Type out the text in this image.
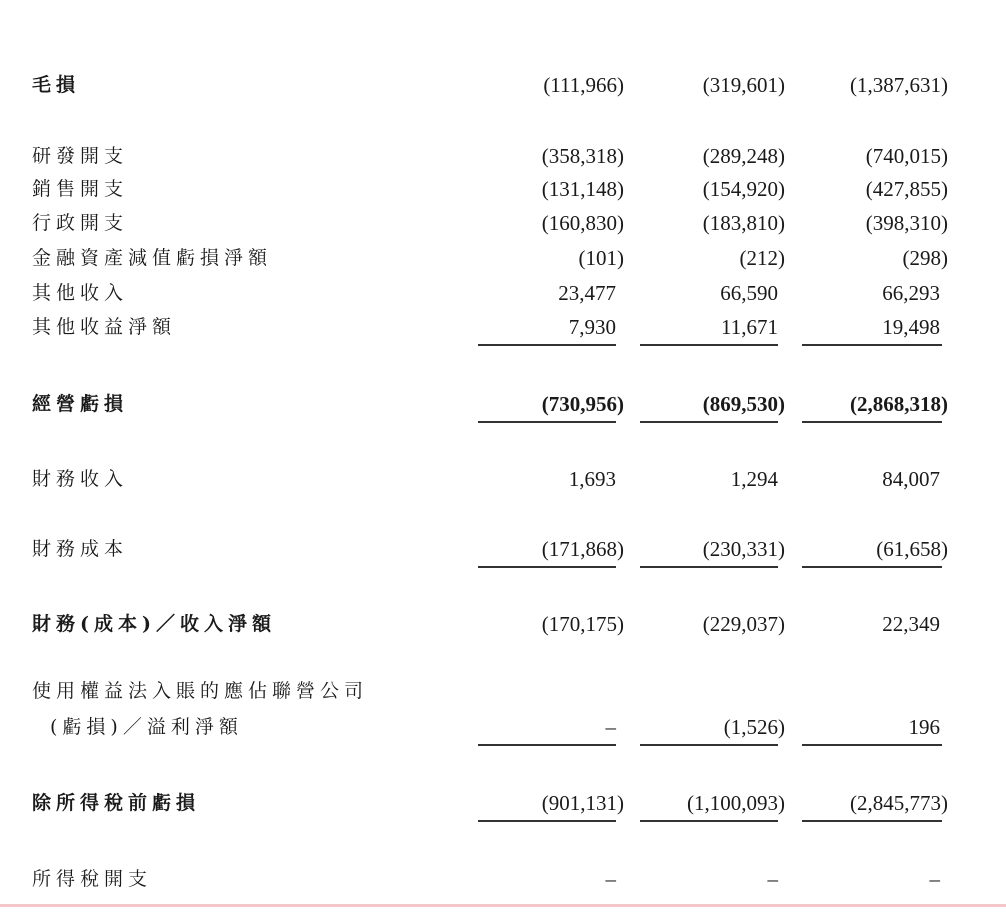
毛損	(111,966)	(319,601)	(1,387,631)
研發開支	(358,318)	(289,248)	(740,015)
銷售開支	(131,148)	(154,920)	(427,855)
行政開支	(160,830)	(183,810)	(398,310)
金融資產減值虧損淨額	(101)	(212)	(298)
其他收入	23,477	66,590	66,293
其他收益淨額	7,930	11,671	19,498
經營虧損	(730,956)	(869,530)	(2,868,318)
財務收入	1,693	1,294	84,007
財務成本	(171,868)	(230,331)	(61,658)
財務(成本)／收入淨額	(170,175)	(229,037)	22,349
使用權益法入賬的應佔聯營公司
(虧損)／溢利淨額	–	(1,526)	196
除所得稅前虧損	(901,131)	(1,100,093)	(2,845,773)
所得稅開支	–	–	–
